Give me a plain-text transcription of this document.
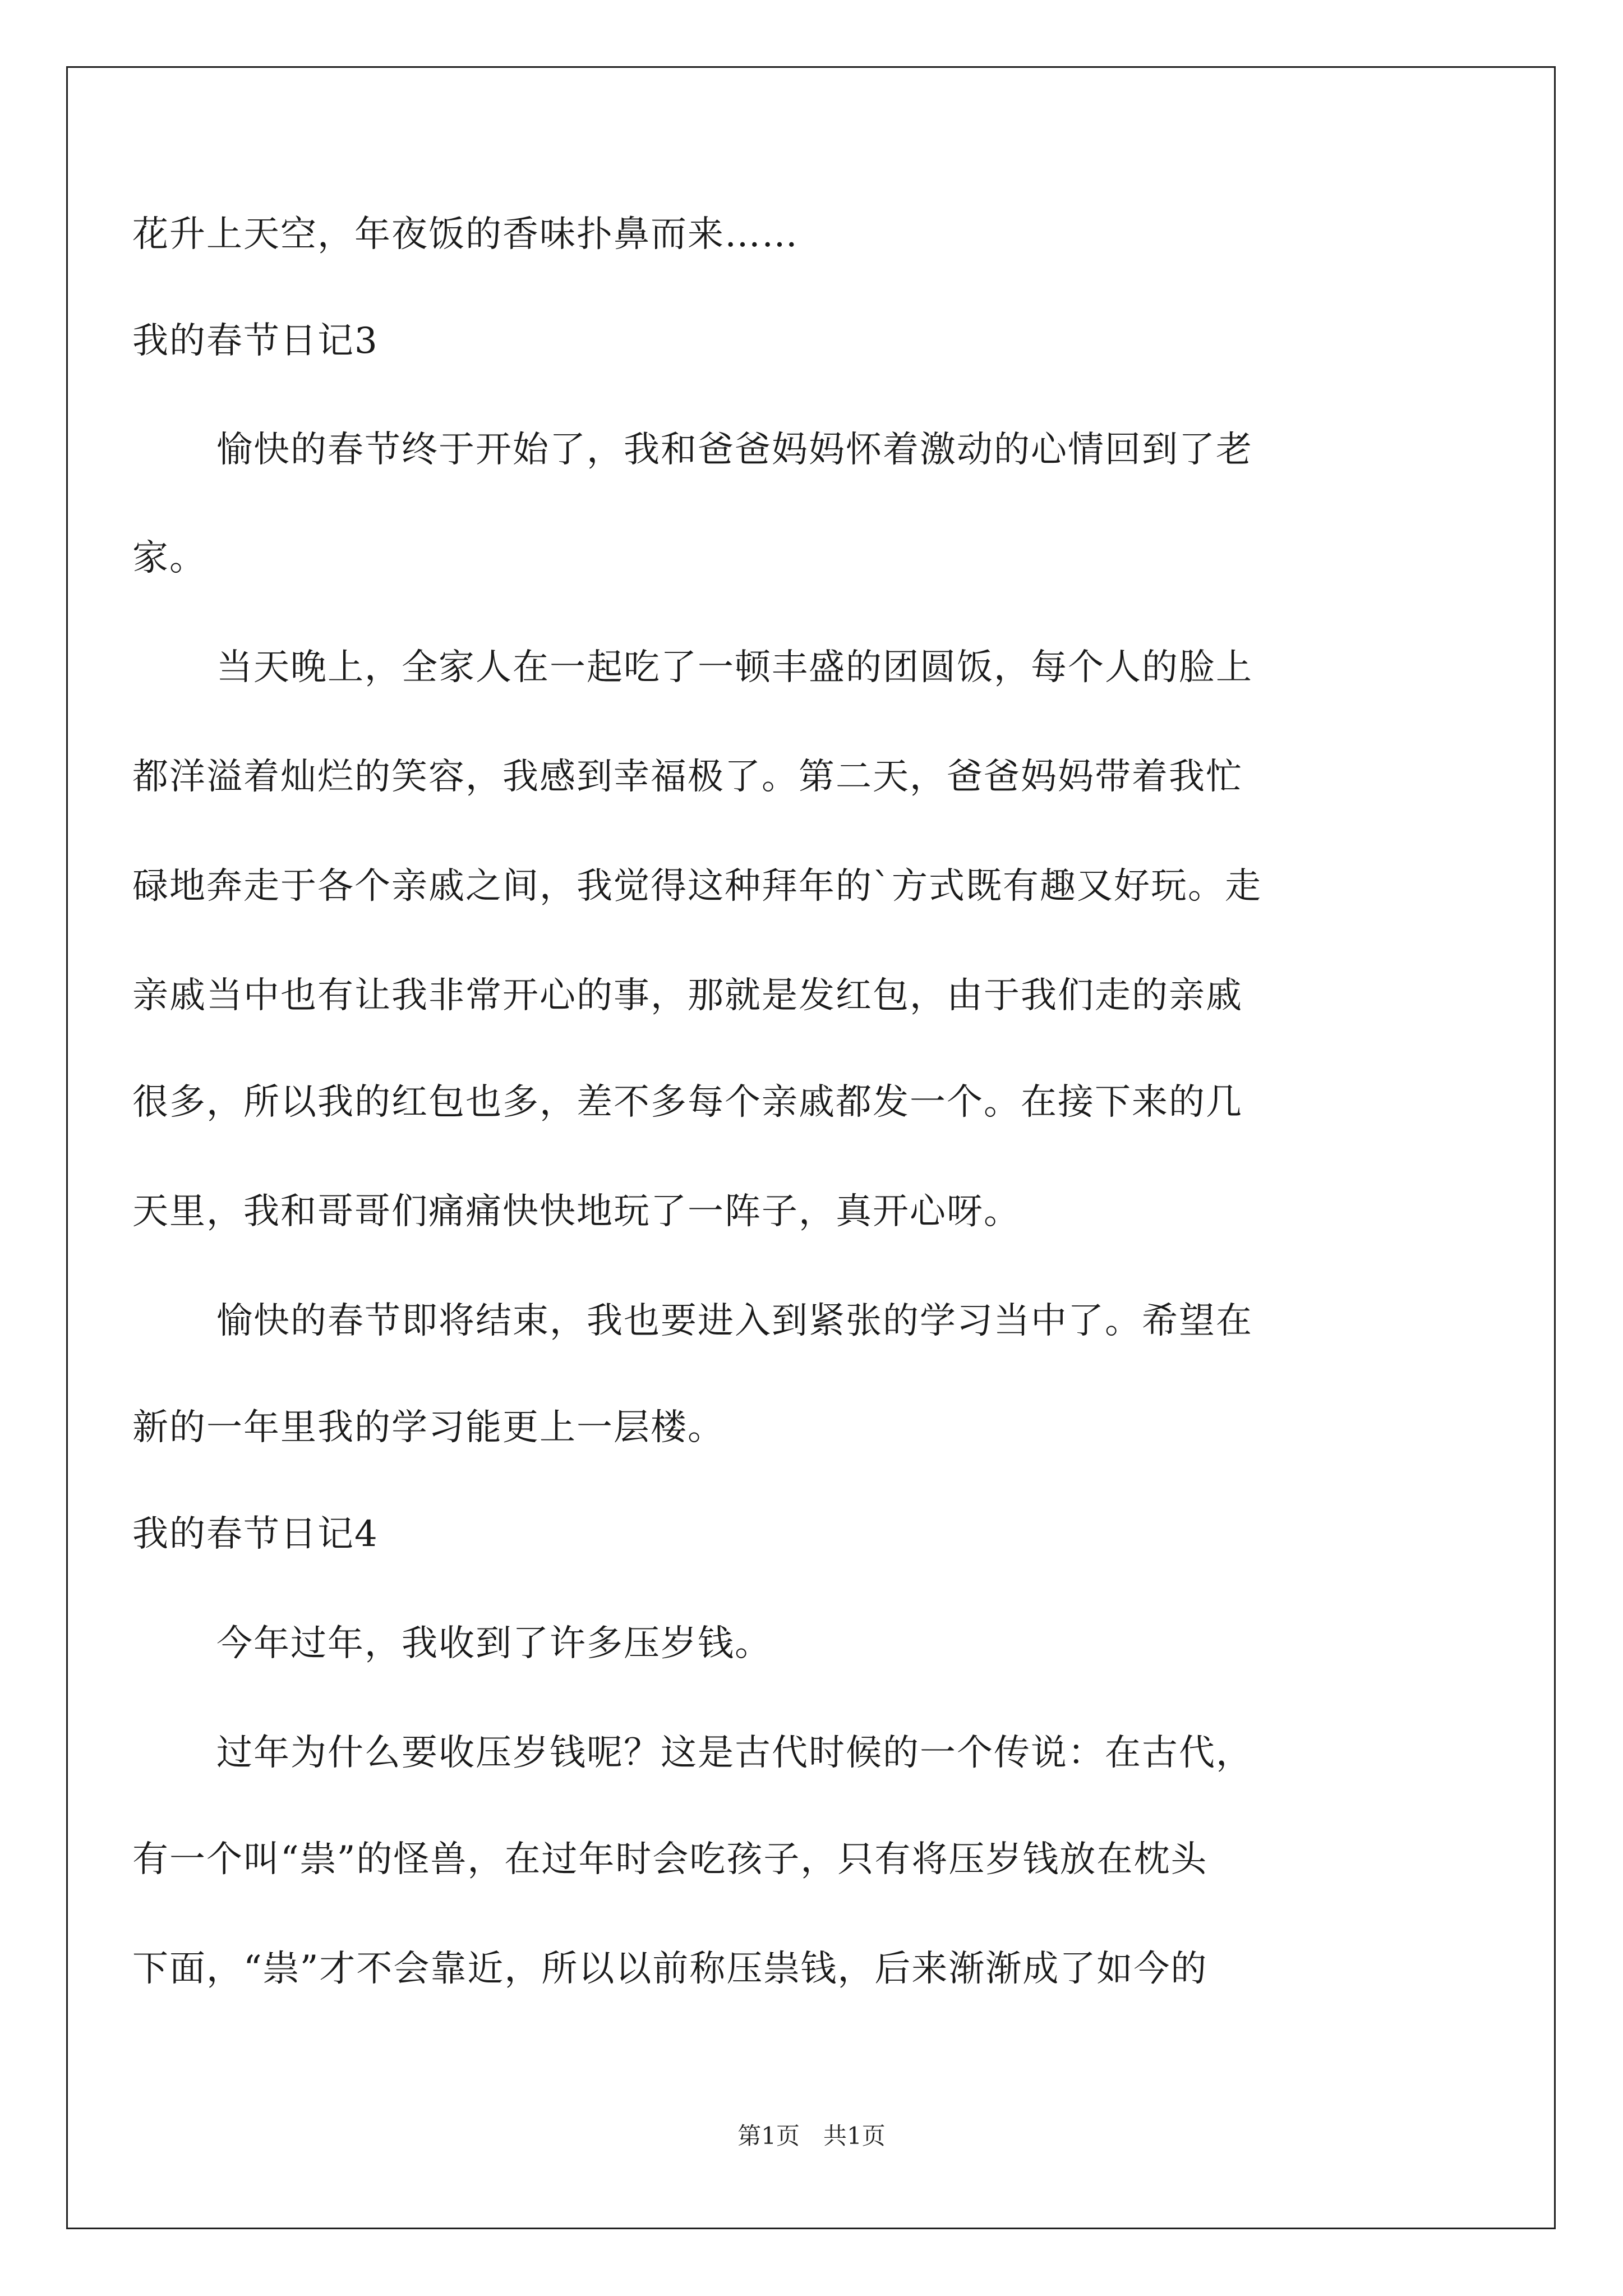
花升上天空，年夜饭的香味扑鼻而来……
我的春节日记3
愉快的春节终于开始了，我和爸爸妈妈怀着激动的心情回到了老
家。
当天晚上，全家人在一起吃了一顿丰盛的团圆饭，每个人的脸上
都洋溢着灿烂的笑容，我感到幸福极了。第二天，爸爸妈妈带着我忙
碌地奔走于各个亲戚之间，我觉得这种拜年的`方式既有趣又好玩。走
亲戚当中也有让我非常开心的事，那就是发红包，由于我们走的亲戚
很多，所以我的红包也多，差不多每个亲戚都发一个。在接下来的几
天里，我和哥哥们痛痛快快地玩了一阵子，真开心呀。
愉快的春节即将结束，我也要进入到紧张的学习当中了。希望在
新的一年里我的学习能更上一层楼。
我的春节日记4
今年过年，我收到了许多压岁钱。
过年为什么要收压岁钱呢？这是古代时候的一个传说：在古代，
有一个叫“祟”的怪兽，在过年时会吃孩子，只有将压岁钱放在枕头
下面，“祟”才不会靠近，所以以前称压祟钱，后来渐渐成了如今的
第1页　共1页
